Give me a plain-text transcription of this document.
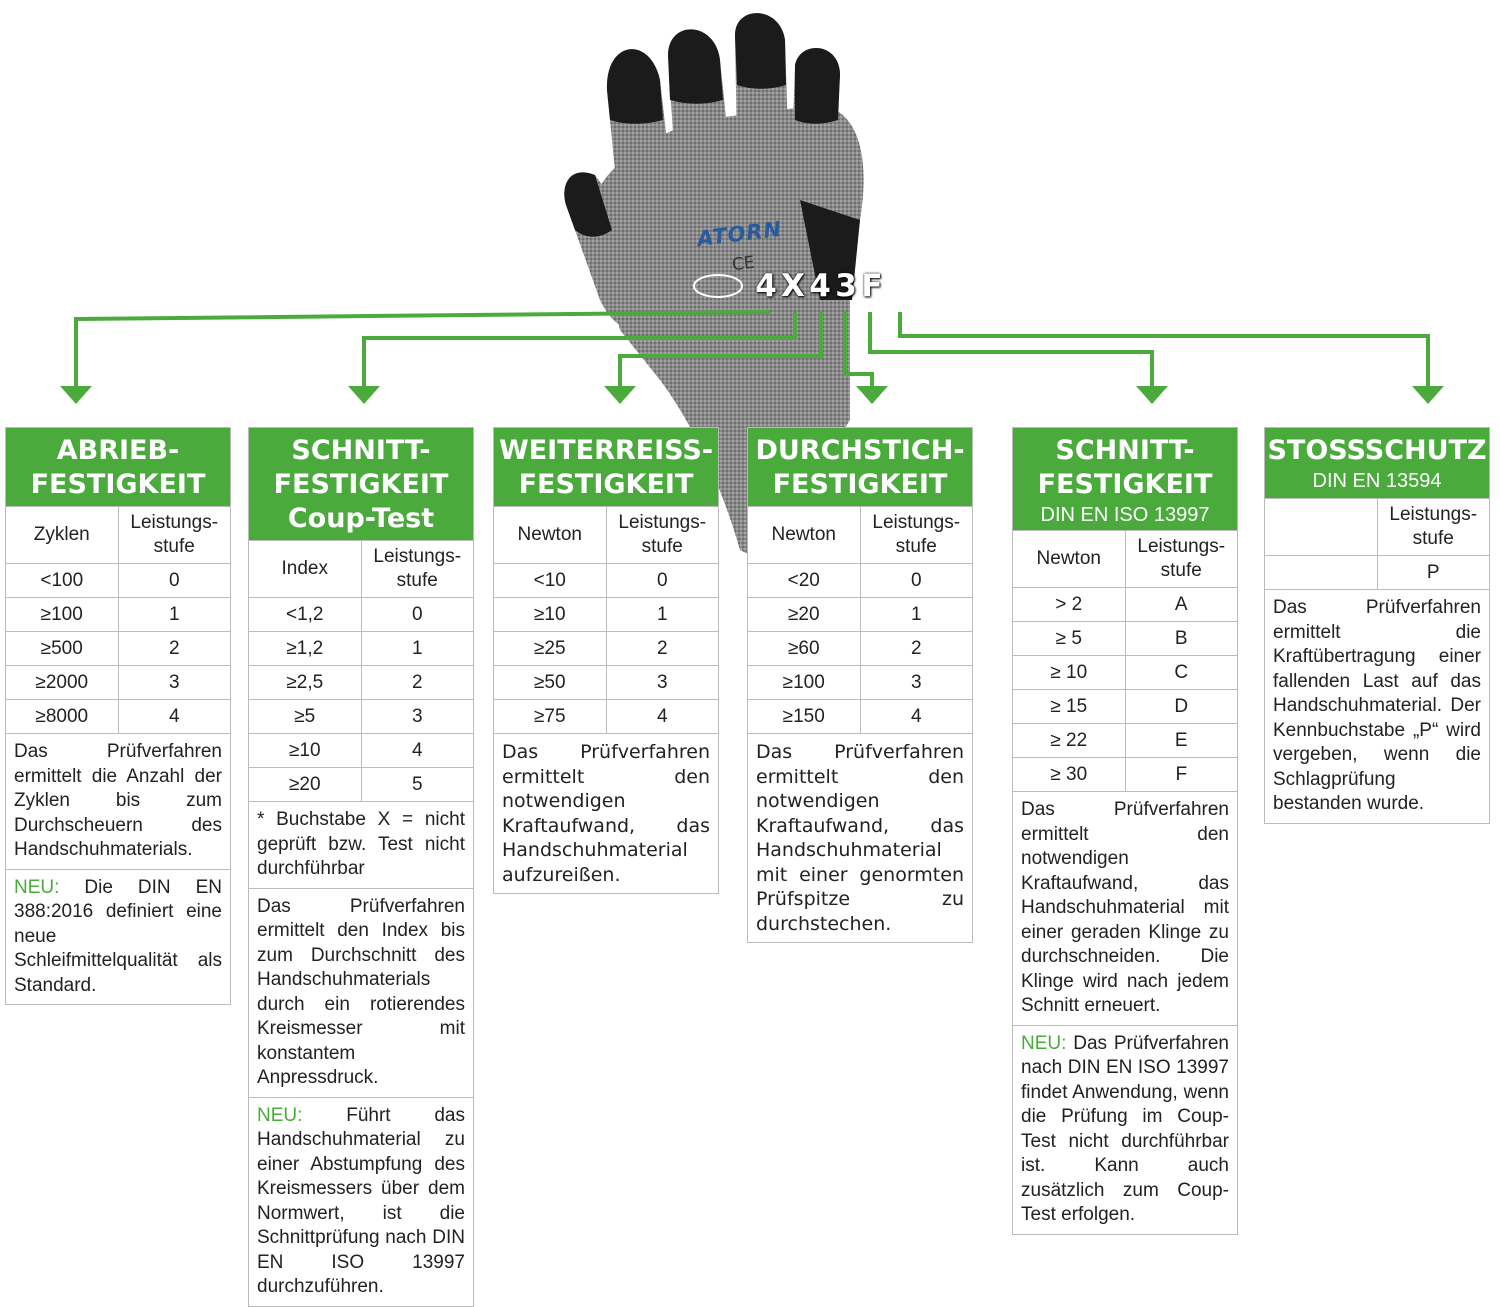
ATORN
CE
4 X 4 3 F
ABRIEB-
FESTIGKEIT
Zyklen	Leistungs-
stufe
<100	0
≥100	1
≥500	2
≥2000	3
≥8000	4
Das Prüfverfahren ermittelt die Anzahl der Zyklen bis zum Durchscheuern des Handschuhmaterials.
NEU: Die DIN EN 388:2016 definiert eine neue Schleifmittelqualität als Standard.
SCHNITT-
FESTIGKEIT
Coup-Test
Index	Leistungs-
stufe
<1,2	0
≥1,2	1
≥2,5	2
≥5	3
≥10	4
≥20	5
* Buchstabe X = nicht geprüft bzw. Test nicht durchführbar
Das Prüfverfahren ermittelt den Index bis zum Durchschnitt des Handschuhmaterials durch ein rotierendes Kreismesser mit konstantem Anpressdruck.
NEU: Führt das Handschuhmaterial zu einer Abstumpfung des Kreismessers über dem Normwert, ist die Schnittprüfung nach DIN EN ISO 13997 durchzuführen.
WEITERREISS-
FESTIGKEIT
Newton	Leistungs-
stufe
<10	0
≥10	1
≥25	2
≥50	3
≥75	4
Das Prüfverfahren ermittelt den notwendigen Kraftaufwand, das Handschuhmaterial aufzureißen.
DURCHSTICH-
FESTIGKEIT
Newton	Leistungs-
stufe
<20	0
≥20	1
≥60	2
≥100	3
≥150	4
Das Prüfverfahren ermittelt den notwendigen Kraftaufwand, das Handschuhmaterial mit einer genormten Prüfspitze zu durchstechen.
SCHNITT-
FESTIGKEIT
DIN EN ISO 13997
Newton	Leistungs-
stufe
> 2	A
≥ 5	B
≥ 10	C
≥ 15	D
≥ 22	E
≥ 30	F
Das Prüfverfahren ermittelt den notwendigen Kraftaufwand, das Handschuhmaterial mit einer geraden Klinge zu durchschneiden. Die Klinge wird nach jedem Schnitt erneuert.
NEU: Das Prüfverfahren nach DIN EN ISO 13997 findet Anwendung, wenn die Prüfung im Coup-Test nicht durchführbar ist. Kann auch zusätzlich zum Coup-Test erfolgen.
STOSSSCHUTZ
DIN EN 13594
	Leistungs-
stufe
	P
Das Prüfverfahren ermittelt die Kraftübertragung einer fallenden Last auf das Handschuhmaterial. Der Kennbuchstabe „P“ wird vergeben, wenn die Schlagprüfung bestanden wurde.
